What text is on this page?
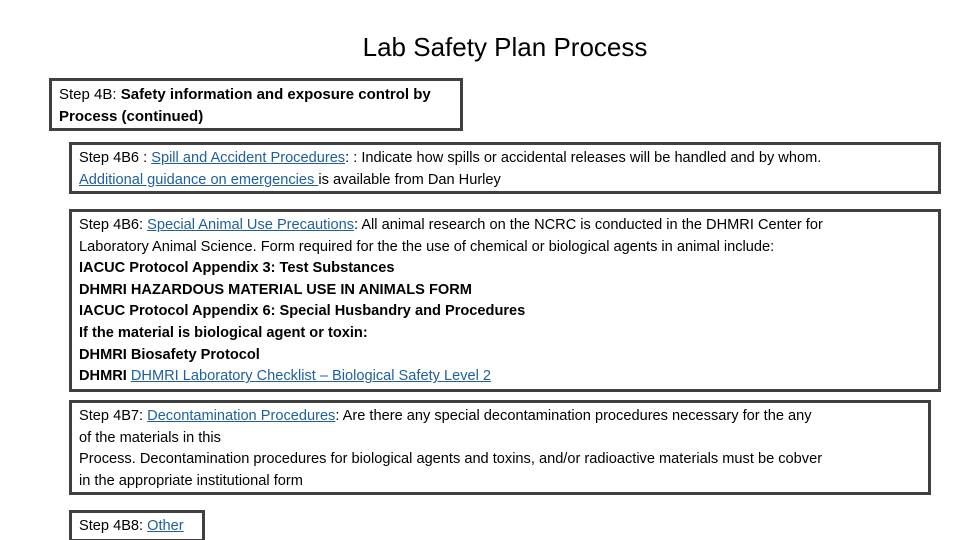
Lab Safety Plan Process
Step 4B: Safety information and exposure control by
Process (continued)
Step 4B6 : Spill and Accident Procedures: : Indicate how spills or accidental releases will be handled and by whom.
Additional guidance on emergencies is available from Dan Hurley
Step 4B6: Special Animal Use Precautions: All animal research on the NCRC is conducted in the DHMRI Center for
Laboratory Animal Science. Form required for the the use of chemical or biological agents in animal include:
IACUC Protocol Appendix 3: Test Substances
DHMRI HAZARDOUS MATERIAL USE IN ANIMALS FORM
IACUC Protocol Appendix 6: Special Husbandry and Procedures
If the material is biological agent or toxin:
DHMRI Biosafety Protocol
DHMRI DHMRI Laboratory Checklist – Biological Safety Level 2
Step 4B7: Decontamination Procedures: Are there any special decontamination procedures necessary for the any
of the materials in this
Process. Decontamination procedures for biological agents and toxins, and/or radioactive materials must be cobver
in the appropriate institutional form
Step 4B8: Other
